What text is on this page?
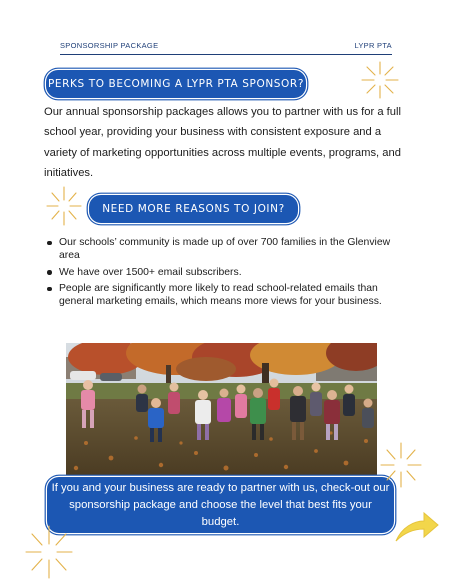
SPONSORSHIP PACKAGE	LYPR PTA
PERKS TO BECOMING A LYPR PTA SPONSOR?

Our annual sponsorship packages allows you to partner with us for a full school year, providing your business with consistent exposure and a variety of marketing opportunities across multiple events, programs, and initiatives.

NEED MORE REASONS TO JOIN?
Our schools’ community is made up of over 700 families in the Glenview area
We have over 1500+ email subscribers.
People are significantly more likely to read school-related emails than general marketing emails, which means more views for your business.
If you and your business are ready to partner with us, check-out our sponsorship package and choose the level that best fits your budget.
